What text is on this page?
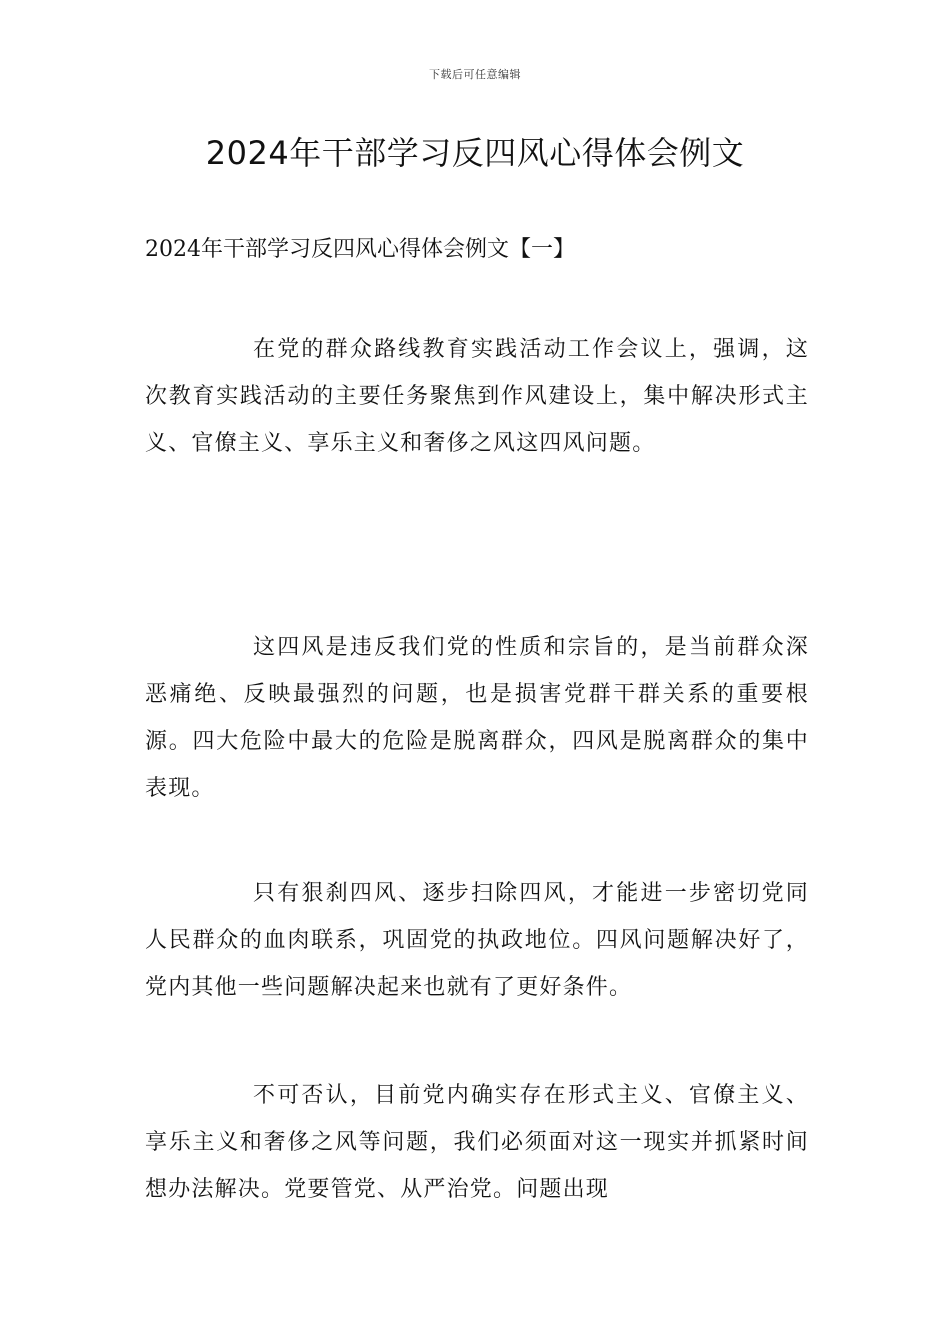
下载后可任意编辑
2024年干部学习反四风心得体会例文
2024年干部学习反四风心得体会例文【一】

在党的群众路线教育实践活动工作会议上，强调，这次教育实践活动的主要任务聚焦到作风建设上，集中解决形式主义、官僚主义、享乐主义和奢侈之风这四风问题。

这四风是违反我们党的性质和宗旨的，是当前群众深恶痛绝、反映最强烈的问题，也是损害党群干群关系的重要根源。四大危险中最大的危险是脱离群众，四风是脱离群众的集中表现。

只有狠刹四风、逐步扫除四风，才能进一步密切党同人民群众的血肉联系，巩固党的执政地位。四风问题解决好了，党内其他一些问题解决起来也就有了更好条件。

不可否认，目前党内确实存在形式主义、官僚主义、享乐主义和奢侈之风等问题，我们必须面对这一现实并抓紧时间想办法解决。党要管党、从严治党。问题出现
